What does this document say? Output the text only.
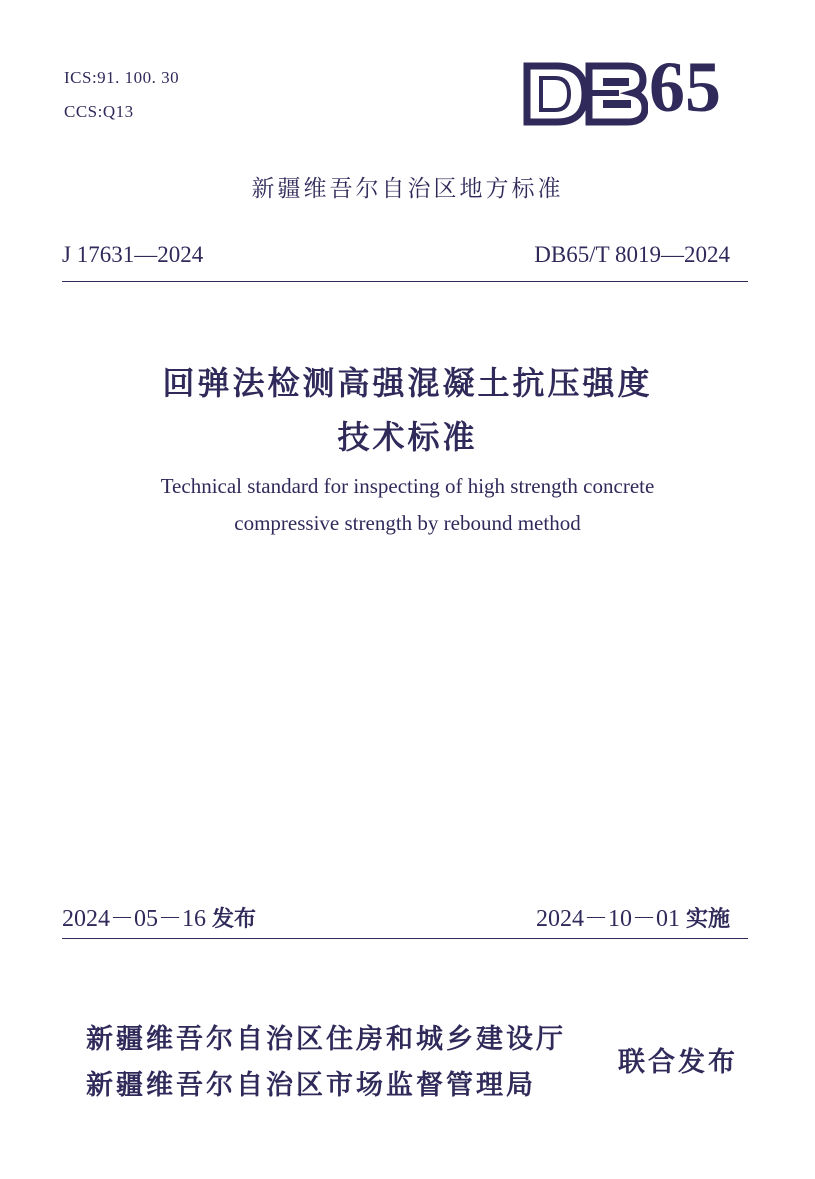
ICS:91. 100. 30
CCS:Q13	65
新疆维吾尔自治区地方标准
J 17631—2024	DB65/T 8019—2024
回弹法检测高强混凝土抗压强度
技术标准
Technical standard for inspecting of high strength concrete
compressive strength by rebound method
2024－05－16 发布	2024－10－01 实施
新疆维吾尔自治区住房和城乡建设厅
新疆维吾尔自治区市场监督管理局
联合发布
